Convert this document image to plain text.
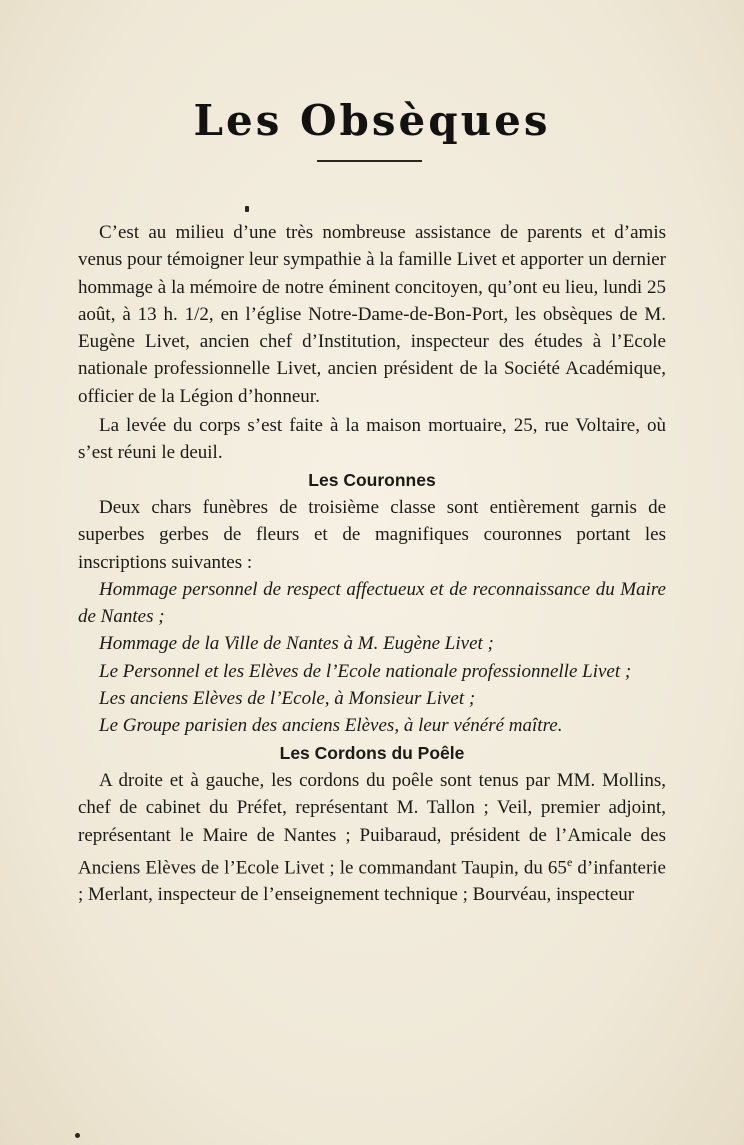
Les Obsèques

C’est au milieu d’une très nombreuse assistance de parents et d’amis venus pour témoigner leur sympathie à la famille Livet et apporter un dernier hommage à la mémoire de notre éminent concitoyen, qu’ont eu lieu, lundi 25 août, à 13 h. 1/2, en l’église Notre-Dame-de-Bon-Port, les obsèques de M. Eugène Livet, ancien chef d’Institution, inspecteur des études à l’Ecole nationale professionnelle Livet, ancien président de la Société Académique, officier de la Légion d’honneur.

La levée du corps s’est faite à la maison mortuaire, 25, rue Voltaire, où s’est réuni le deuil.

Les Couronnes

Deux chars funèbres de troisième classe sont entièrement garnis de superbes gerbes de fleurs et de magnifiques couronnes portant les inscriptions suivantes :

Hommage personnel de respect affectueux et de reconnaissance du Maire de Nantes ;

Hommage de la Ville de Nantes à M. Eugène Livet ;

Le Personnel et les Elèves de l’Ecole nationale professionnelle Livet ;

Les anciens Elèves de l’Ecole, à Monsieur Livet ;

Le Groupe parisien des anciens Elèves, à leur vénéré maître.

Les Cordons du Poêle

A droite et à gauche, les cordons du poêle sont tenus par MM. Mollins, chef de cabinet du Préfet, représentant M. Tallon ; Veil, premier adjoint, représentant le Maire de Nantes ; Puibaraud, président de l’Amicale des Anciens Elèves de l’Ecole Livet ; le commandant Taupin, du 65e d’infanterie ; Merlant, inspecteur de l’enseignement technique ; Bourvéau, inspecteur
